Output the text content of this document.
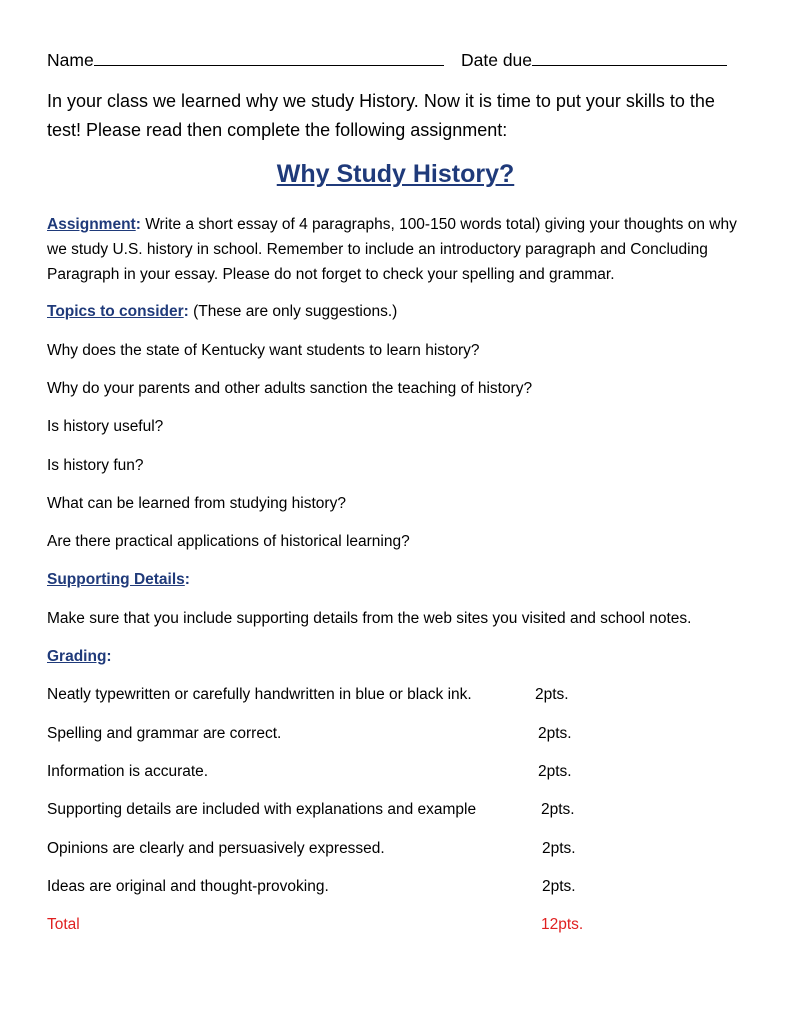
Name	Date due
In your class we learned why we study History. Now it is time to put your skills to the test! Please read then complete the following assignment:
Why Study History?
Assignment: Write a short essay of 4 paragraphs, 100-150 words total) giving your thoughts on why we study U.S. history in school. Remember to include an introductory paragraph and Concluding Paragraph in your essay. Please do not forget to check your spelling and grammar.
Topics to consider: (These are only suggestions.)
Why does the state of Kentucky want students to learn history?
Why do your parents and other adults sanction the teaching of history?
Is history useful?
Is history fun?
What can be learned from studying history?
Are there practical applications of historical learning?
Supporting Details:
Make sure that you include supporting details from the web sites you visited and school notes.
Grading:
Neatly typewritten or carefully handwritten in blue or black ink.	2pts.
Spelling and grammar are correct.	2pts.
Information is accurate.	2pts.
Supporting details are included with explanations and example	2pts.
Opinions are clearly and persuasively expressed.	2pts.
Ideas are original and thought-provoking.	2pts.
Total	12pts.
